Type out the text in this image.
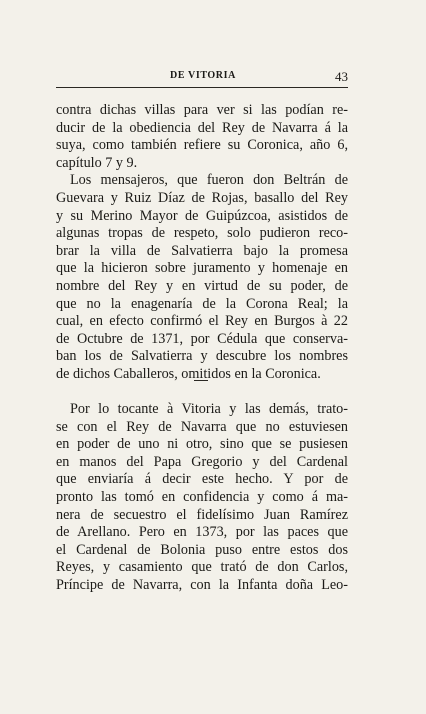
DE VITORIA	43
contra dichas villas para ver si las podían re-
ducir de la obediencia del Rey de Navarra á la
suya, como también refiere su Coronica, año 6,
capítulo 7 y 9.
Los mensajeros, que fueron don Beltrán de
Guevara y Ruiz Díaz de Rojas, basallo del Rey
y su Merino Mayor de Guipúzcoa, asistidos de
algunas tropas de respeto, solo pudieron reco-
brar la villa de Salvatierra bajo la promesa
que la hicieron sobre juramento y homenaje en
nombre del Rey y en virtud de su poder, de
que no la enagenaría de la Corona Real; la
cual, en efecto confirmó el Rey en Burgos à 22
de Octubre de 1371, por Cédula que conserva-
ban los de Salvatierra y descubre los nombres
de dichos Caballeros, omitidos en la Coronica.
Por lo tocante à Vitoria y las demás, trato-
se con el Rey de Navarra que no estuviesen
en poder de uno ni otro, sino que se pusiesen
en manos del Papa Gregorio y del Cardenal
que enviaría á decir este hecho. Y por de
pronto las tomó en confidencia y como á ma-
nera de secuestro el fidelísimo Juan Ramírez
de Arellano. Pero en 1373, por las paces que
el Cardenal de Bolonia puso entre estos dos
Reyes, y casamiento que trató de don Carlos,
Príncipe de Navarra, con la Infanta doña Leo-
